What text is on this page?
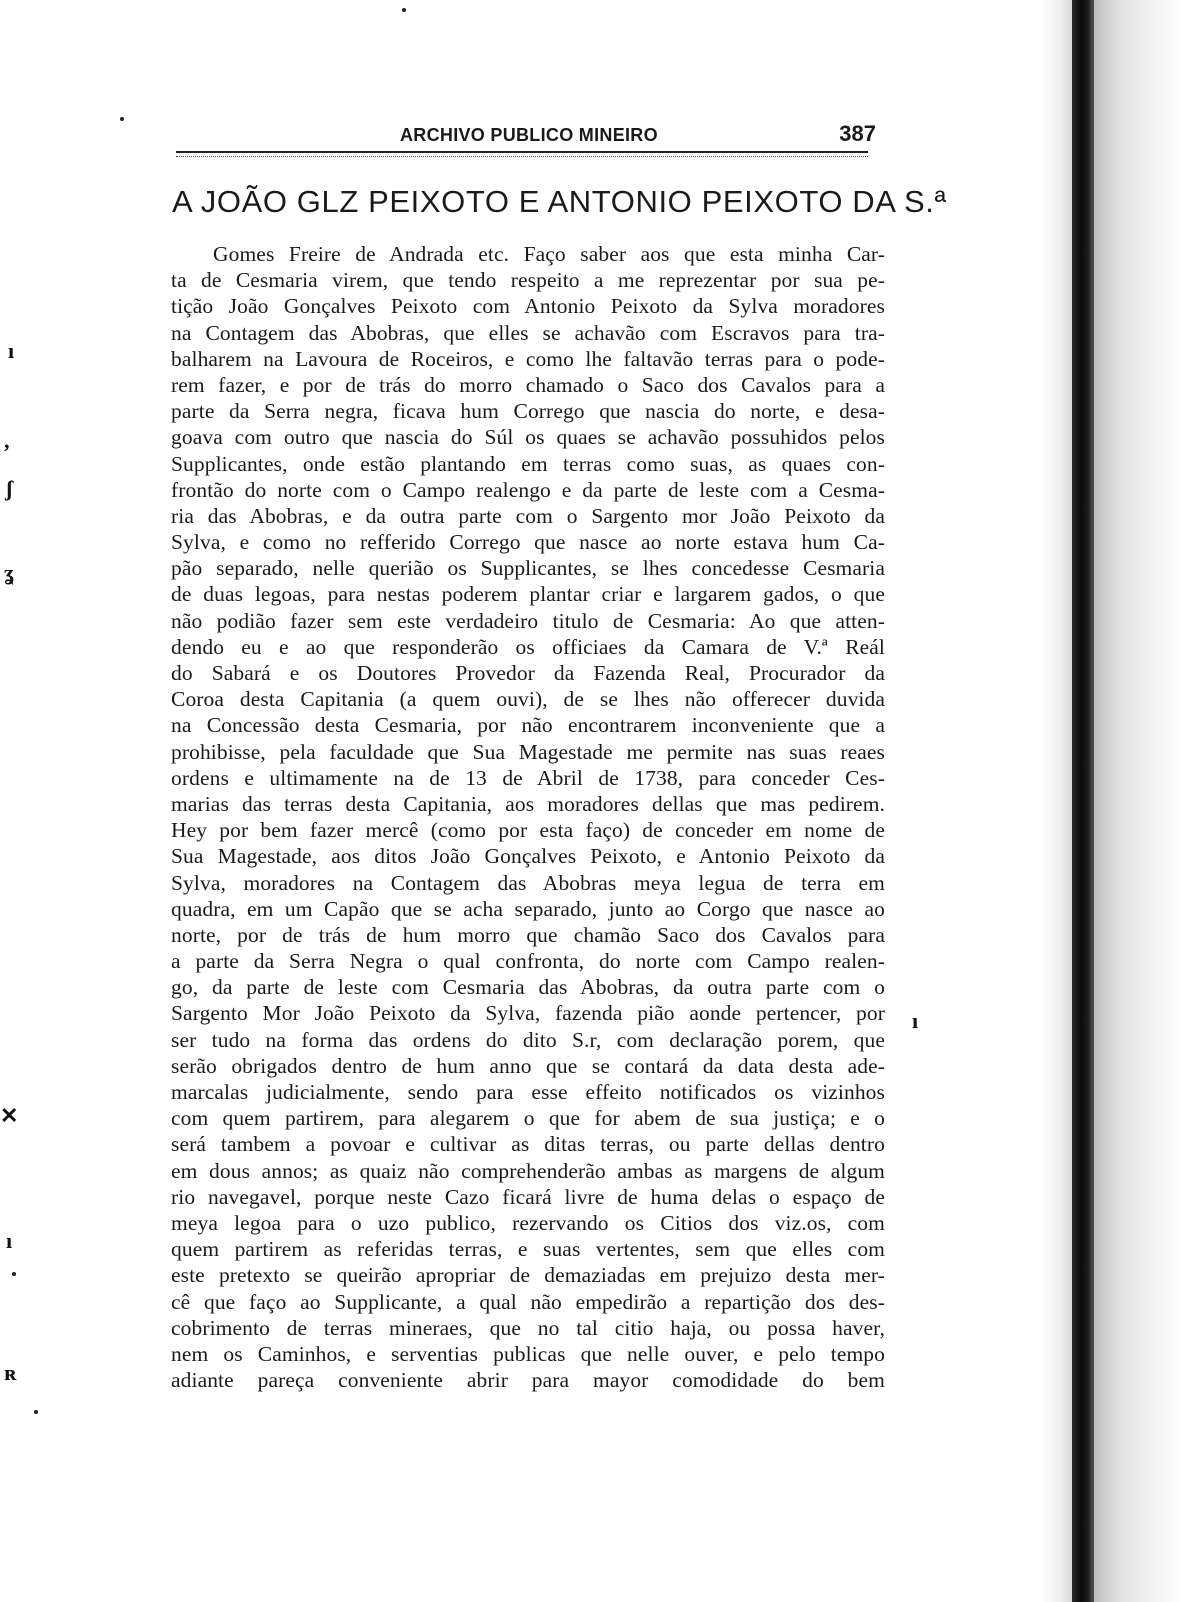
ı
,
ʃ
ʓ
✕
ı
ʀ
ı
ARCHIVO PUBLICO MINEIRO	387
A JOÃO GLZ PEIXOTO E ANTONIO PEIXOTO DA S.ª
Gomes Freire de Andrada etc. Faço saber aos que esta minha Car-
ta de Cesmaria virem, que tendo respeito a me reprezentar por sua pe-
tição João Gonçalves Peixoto com Antonio Peixoto da Sylva moradores
na Contagem das Abobras, que elles se achavão com Escravos para tra-
balharem na Lavoura de Roceiros, e como lhe faltavão terras para o pode-
rem fazer, e por de trás do morro chamado o Saco dos Cavalos para a
parte da Serra negra, ficava hum Corrego que nascia do norte, e desa-
goava com outro que nascia do Súl os quaes se achavão possuhidos pelos
Supplicantes, onde estão plantando em terras como suas, as quaes con-
frontão do norte com o Campo realengo e da parte de leste com a Cesma-
ria das Abobras, e da outra parte com o Sargento mor João Peixoto da
Sylva, e como no refferido Corrego que nasce ao norte estava hum Ca-
pão separado, nelle querião os Supplicantes, se lhes concedesse Cesmaria
de duas legoas, para nestas poderem plantar criar e largarem gados, o que
não podião fazer sem este verdadeiro titulo de Cesmaria: Ao que atten-
dendo eu e ao que responderão os officiaes da Camara de V.ª Reál
do Sabará e os Doutores Provedor da Fazenda Real, Procurador da
Coroa desta Capitania (a quem ouvi), de se lhes não offerecer duvida
na Concessão desta Cesmaria, por não encontrarem inconveniente que a
prohibisse, pela faculdade que Sua Magestade me permite nas suas reaes
ordens e ultimamente na de 13 de Abril de 1738, para conceder Ces-
marias das terras desta Capitania, aos moradores dellas que mas pedirem.
Hey por bem fazer mercê (como por esta faço) de conceder em nome de
Sua Magestade, aos ditos João Gonçalves Peixoto, e Antonio Peixoto da
Sylva, moradores na Contagem das Abobras meya legua de terra em
quadra, em um Capão que se acha separado, junto ao Corgo que nasce ao
norte, por de trás de hum morro que chamão Saco dos Cavalos para
a parte da Serra Negra o qual confronta, do norte com Campo realen-
go, da parte de leste com Cesmaria das Abobras, da outra parte com o
Sargento Mor João Peixoto da Sylva, fazenda pião aonde pertencer, por
ser tudo na forma das ordens do dito S.r, com declaração porem, que
serão obrigados dentro de hum anno que se contará da data desta ade-
marcalas judicialmente, sendo para esse effeito notificados os vizinhos
com quem partirem, para alegarem o que for abem de sua justiça; e o
será tambem a povoar e cultivar as ditas terras, ou parte dellas dentro
em dous annos; as quaiz não comprehenderão ambas as margens de algum
rio navegavel, porque neste Cazo ficará livre de huma delas o espaço de
meya legoa para o uzo publico, rezervando os Citios dos viz.os, com
quem partirem as referidas terras, e suas vertentes, sem que elles com
este pretexto se queirão apropriar de demaziadas em prejuizo desta mer-
cê que faço ao Supplicante, a qual não empedirão a repartição dos des-
cobrimento de terras mineraes, que no tal citio haja, ou possa haver,
nem os Caminhos, e serventias publicas que nelle ouver, e pelo tempo
adiante pareça conveniente abrir para mayor comodidade do bem
